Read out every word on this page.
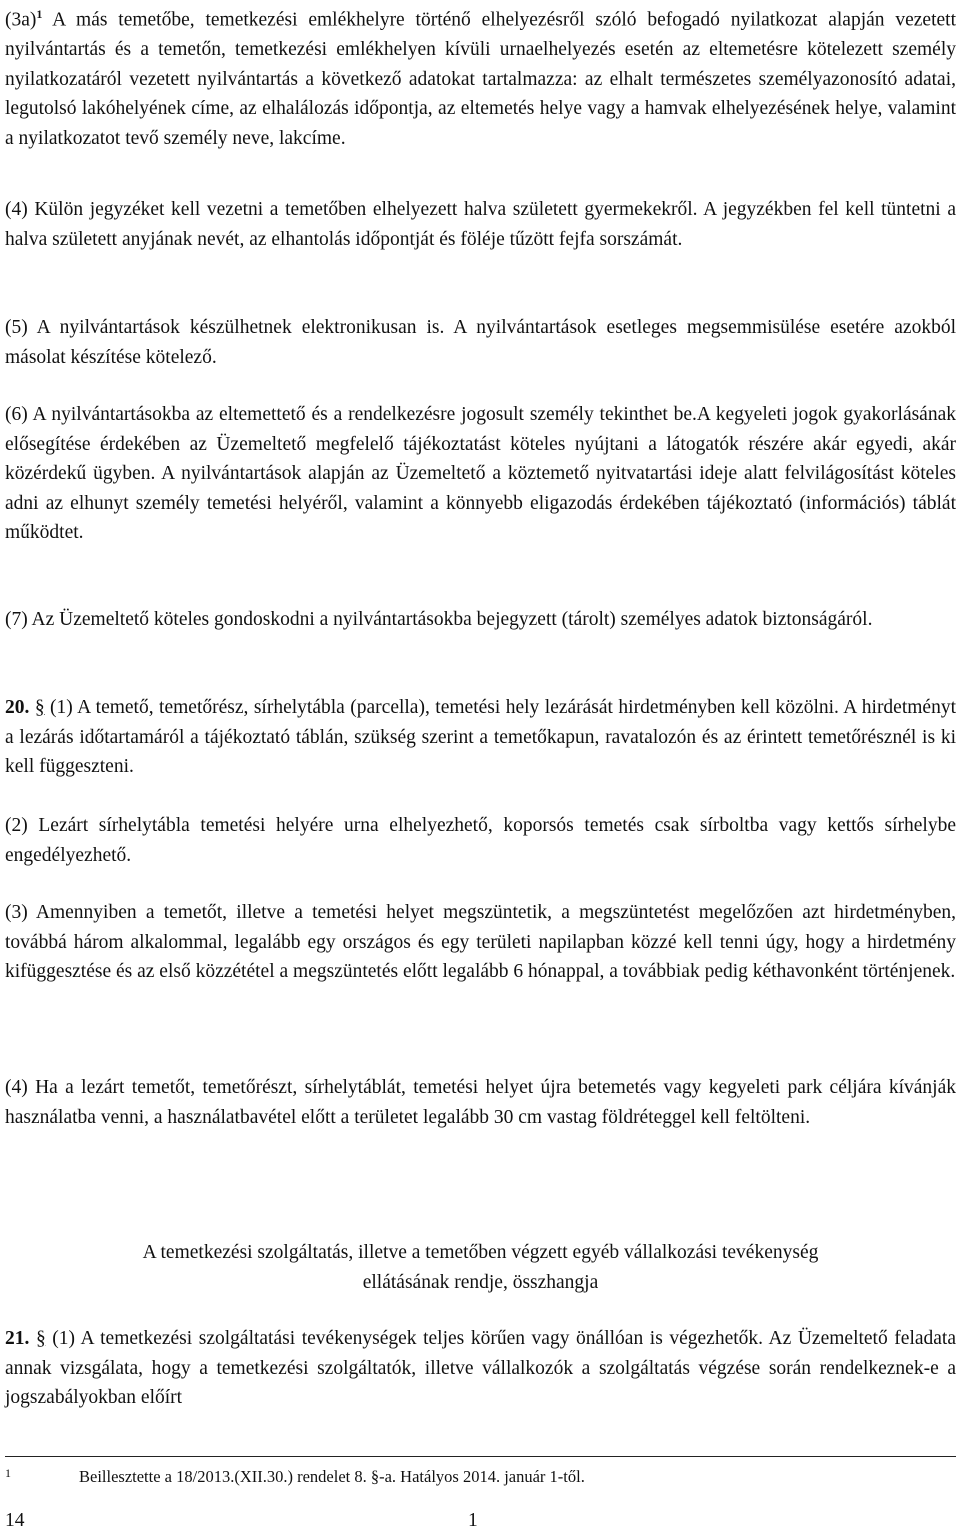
$(3a)^1$ A más temetőbe, temetkezési emlékhelyre történő elhelyezésről szóló befogadó nyilatkozat alapján vezetett nyilvántartás és a temetőn, temetkezési emlékhelyen kívüli urnaelhelyezés esetén az eltemetésre kötelezett személy nyilatkozatáról vezetett nyilvántartás a következő adatokat tartalmazza: az elhalt természetes személyazonosító adatai, legutolsó lakóhelyének címe, az elhalálozás időpontja, az eltemetés helye vagy a hamvak elhelyezésének helye, valamint a nyilatkozatot tevő személy neve, lakcíme.

(4) Külön jegyzéket kell vezetni a temetőben elhelyezett halva született gyermekekről. A jegyzékben fel kell tüntetni a halva született anyjának nevét, az elhantolás időpontját és föléje tűzött fejfa sorszámát.

(5) A nyilvántartások készülhetnek elektronikusan is. A nyilvántartások esetleges megsemmisülése esetére azokból másolat készítése kötelező.

(6) A nyilvántartásokba az eltemettető és a rendelkezésre jogosult személy tekinthet be.A kegyeleti jogok gyakorlásának elősegítése érdekében az Üzemeltető megfelelő tájékoztatást köteles nyújtani a látogatók részére akár egyedi, akár közérdekű ügyben. A nyilvántartások alapján az Üzemeltető a köztemető nyitvatartási ideje alatt felvilágosítást köteles adni az elhunyt személy temetési helyéről, valamint a könnyebb eligazodás érdekében tájékoztató (információs) táblát működtet.

(7) Az Üzemeltető köteles gondoskodni a nyilvántartásokba bejegyzett (tárolt) személyes adatok biztonságáról.

20. § (1) A temető, temetőrész, sírhelytábla (parcella), temetési hely lezárását hirdetményben kell közölni. A hirdetményt a lezárás időtartamáról a tájékoztató táblán, szükség szerint a temetőkapun, ravatalozón és az érintett temetőrésznél is ki kell függeszteni.

(2) Lezárt sírhelytábla temetési helyére urna elhelyezhető, koporsós temetés csak sírboltba vagy kettős sírhelybe engedélyezhető.

(3) Amennyiben a temetőt, illetve a temetési helyet megszüntetik, a megszüntetést megelőzően azt hirdetményben, továbbá három alkalommal, legalább egy országos és egy területi napilapban közzé kell tenni úgy, hogy a hirdetmény kifüggesztése és az első közzététel a megszüntetés előtt legalább 6 hónappal, a továbbiak pedig kéthavonként történjenek.

(4) Ha a lezárt temetőt, temetőrészt, sírhelytáblát, temetési helyet újra betemetés vagy kegyeleti park céljára kívánják használatba venni, a használatbavétel előtt a területet legalább 30 cm vastag földréteggel kell feltölteni.

A temetkezési szolgáltatás, illetve a temetőben végzett egyéb vállalkozási tevékenység
ellátásának rendje, összhangja

21. § (1) A temetkezési szolgáltatási tevékenységek teljes körűen vagy önállóan is végezhetők. Az Üzemeltető feladata annak vizsgálata, hogy a temetkezési szolgáltatók, illetve vállalkozók a szolgáltatás végzése során rendelkeznek-e a jogszabályokban előírt

1	Beillesztette a 18/2013.(XII.30.) rendelet 8. §-a. Hatályos 2014. január 1-től.
14	1
